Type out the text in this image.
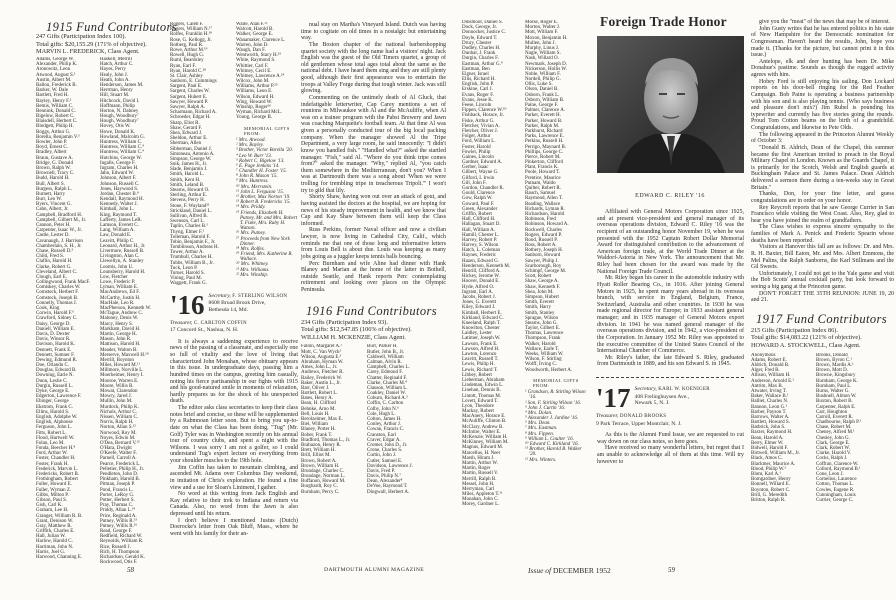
1915 Fund Contributors
247 Gifts (Participation Index 100).
Total gifts: $20,155.29 (171% of objective).
MARVIN L. FREDERICK, Class Agent.
Adams, George W.
Alexander, Philip K.
Aronowitz, Leon
Atwood, August S.¹
Austin, Albert M.
Ballou, Frederick B.
Barker, W. Dale
Bartlett, Fred H.
Bayley, Henry F.²
Bemis, William C.
Bennink, Donald C.
Bigelow, Robert C.
Blaisdell, Herbert C.
Blodgett, Philip H.
Boggs, Arthur G.
Borella, Benjamin V.³
Bowler, John P.
Boyd, Ernest C.
Bradley, Albert
Braun, Gustave A.
Bridge, G. Donald
Brown, Ralph W.
Brownell, Tracy C.
Budd, Harold H.
Bull, Albert S.
Burgess, Ralph L.
Burnett, Harry
Burr, Leo W.
Byers, Vincent G.
Cahn, Albert, Jr.
Campbell, Bradford H.
Campbell, Gilbert M., Jr.
Cannon, Peter H.
Carpenter, Isaac W., Jr.
Castle, Lester D.
Cavanaugh, J. Harrison
Chamberlain, S. H., Jr.
Chase, Russell D.⁵
Child, Fred S.
Claflin, Harold H.
Clarke, Robert G.
Cleveland, Albert C.
Clough, Earl E.
Collingwood, Frank MacF.
Comiskey, Charles W.
Comstock, Herbert F.
Comstock, Joseph B.
Connelly, Thomas J.
Cook, King
Corwin, Harold F.⁶
Crawford, Sidney C.
Daisy, George D.
Daniell, William E.
Davis, D. Dexter
Davis, Winsor R.
Davison, Harold K.
Dennett, Frank E.
Dennett, Sumner F.
Dewing, Edmund R.
Doe, Orlando C.
Douglas, Edward B.
Downing, Earle N.
Dunn, Leslie C.
Durgin, Russell L.
Dyke, George E.
Edgerton, Lawrence F.
Ebinger, George
Ekstrom, Frank C.
Ellms, Harold S.
English, Adolphe W.
English, Alphonse
Ferguson, John L.
Fitts, Robert L.
Flood, Hartwell W.
Folan, Leo M.
Fonda, Beecher H.⁸
Ford, Arthur W.
Foster, Chandler H.
Foster, Frank H.
Frederick, Marvin L.
Fredericks, Robert B.
Frothingham, Robert
Fuller, Howard E.
Fuller, Wyman Z.
Gibbs, Milton P.
Gibson, Paul S.
Gish, Carl K.
Graham, Lee H.
Granger, William R. B.
Grant, Denison W.
Gray, Matthew R.
Griffith, Charles E.
Hall, Julian W.
Harlow, Harold C.
Harriman, John N.
Harris, Joel G.
Harwood, Channing E.
Haskell, Merrill
Hatch, Arthur C.
Hayes, Perry
Healy, John J.
Heath, John A.
Henderson, James M.
Herrman, Henry
Hill, Stuart M.
Hitchcock, David I.
Hoffmann, Philip
Horton, N. Dabney
Hough, Woodbury⁷
Hough, Woodbury⁷
Hovey, Otis W.
Howe, Donald K.
Howland, Malcolm G.
Huntress, William C.
Huntress, William C.⁹
Huntress, William C.⁹
Hutchins, George W.
Ingalls, George F.
Ingram, Charles H.
Jahn, Edward W.
Johnson, Albert F.
Johnson, Russell C.
Jones, Haywood S.
Jordan, Chester B.⁸
Kendall, Raymond H.
Kennedy, Walter J.
Kimball, John L.
King, Raymond T.
Lafferty, James LeR.
Lamson, Everett C.
Lang, William A.
Law, Donald E.
Leavitt, Philip C.
Leonard, Arthur H., Jr.
Livermore, Russell B.
Livingston, Alan C.
Llewellyn, A. Stanley
Loomis, John U.
Lounsberry, Harold H.
Low, Fletcher
Lowe, Frederic P.
Lyman, William E.
MacAndrews, Ed F.
McCarthy, Justin H.
MacHale, Leo R.
MacPherson, Kenneth W.
McTague, Andrew C.
Maloney, Denis W.
Marcy, Henry S.
Markham, David H.
Martin, George H.
Mason, John R.
Mattison, Harold H.
Meader, Walton B.
Merserve, Maxwell H.¹⁰
Merrill, Boynton
Miles, Howard M.¹¹
Millmore, Norville L.
Moerheimer, Henry I.
Monroe, Warren E.
Moore, Willis B.
Mowat, Clarendon
Mowry, Jared J.
Mullin, John M.
Murdock, Philip K.
Nichols, Arthur C.
Nissen, William C.
Norris, Ralph H.
Norton, Allan S.¹²
Norwood, Roy M.
Noyes, Edwin M.
O'Dea, Bernard V.¹³
O'Hara, Dwight
O'Keefe, Walter F.
Parnell, Carroll A.
Pearce, Frederick L.
Pelletier, Philip H., Jr.
Pendleton, John D.
Pinkham, Harold B.
Pitman, Joseph P.
Pond, Francis L.
Porter, LeRoy G.
Potter, Herbert S.
Pray, Thomas C.
Priddy, Allan L.¹⁴
Price, Reginald A.
Putney, Willis R.¹⁵
Putney, Willis R.¹⁶
Read, George F.
Redfield, Richard W.
Reynolds, William R.
Rice, Russell J.
Rich, H. Thompson
Richardson, Gerald K.
Rockwood, Otis F.
Rogers, Caleb F.
Rogers, William N.¹⁷
Rolfes, Franklin H.¹⁸
Rose, G. Kellogg, Jr.
Rotberg, Paul R.
Rowe, Arthur M.¹⁹
Rowell, Hugh G.
Ruml, Beardsley
Ryan, Earl F.
Ryan, Harold C.²⁰
St. Clair, Ashley
Sanborn, E. Cummings
Sargent, Paul E.
Sargent, Charles W.
Sargent, Hubert E.
Sawyer, Howard P.
Sawyer, Ralph A.
Scharmann, Richard A.
Schroeder, Edgar H.
Sharp, Eliot R.
Shaw, Gerard F.
Shea, Edward J.
Sheldon, Arthur E.
Sherman, Allen
Sibberman, Daniel J.
Simoneau, Antonio A.
Simpson, George W.
Snik, James H., Jr.
Slade, Benjamin J.
Smith, Harold L.
Smith, Kent H.
Smith, Leland B.
Stearns, Howard O.
Sterling, Arthur E.
Stevens, Perry H.
Stone, F. Wayland²¹
Strickland, Daniel L.
Sullivan, Alfred B.
Swenson, Carl L.
Taplin, Charles B.²
Thyng, Elmer F.¹
Tolleman, Harold F.
Tobin, Benjamin F., Jr.
Tomblinson, Andreas H.
Tower, Arthur A.
Trumbull, Charles H.
Tubbs, William B., Jr.
Tuck, Leon P.
Turner, Harold S.
Vining, Paul M.
Waggett, Frank G.
Waite, Alan F.²²
Walcott, Harold B.
Walker, George E.
Wanamaker, Clarence L.
Warren, John D.
Waugh, Dan F.
Wentworth, Stacy H.²³
White, Raymond S.
Whittier, Carl F.
Whitney, Cecil E.
Whitney, Lawrence A.²⁴
Wilcox, John M.
Williams, Arthur P.²⁵
Williams, Leon E.
Wilson, Edward H.
Wing, Howard W.
Winship, Roger²⁶
Wyman, Richard McL.
Young, George B.
MEMORIAL GIFTS FROM:
¹ Mrs. Atwood.
² Mrs. Bayley.
³ Brother, Victor Borella '20.
⁴ Leo W. Burr '13.
⁵ Robert C. Bigelow '13.
⁶ E. Page Jenkins '14.
⁷ Chandler H. Foster '15.
⁸ John R. Mason '15.
⁹ Mrs. Huntress.
¹⁰ Mrs. Merrstein.
¹¹ John L. Ferguson '15.
¹² Brother, Max Norton '19.
¹³ Robert B. Fredericks '15.
¹⁴ Mrs. Priddy.
¹⁵ Friends, Elizabeth H. Putney, Mr. and Mrs. Robert T. Fiske, Mrs. Ruby H. Watson.
¹⁶ Mrs. Putney.
¹⁷ Proceeds from New York Dinner.
¹⁸ Mrs. Rolfes.
¹⁹ Friend, Mrs. Katherine R. Wallace.
²⁰ Mrs. Whitney.
²¹ Mrs. Williams.
²² Mrs. Winship.
'16 Secretary, F. STERLING WILSON
8608 Broad Brook Drive,
Bethesda 14, Md.
Treasurer, C. CARLTON COFFIN
17 Concord St., Nashua, N. H.

It is always a saddening experience to receive news of the passing of a classmate, and especially one so full of vitality and the love of living that characterized John Monahan, whose obituary appears in this issue. In undergraduate days, passing him a hundred times on the campus, greeting him casually, noting his fierce partisanship in our fights with 1915 and his good-natured smile in moments of relaxation, hardly prepares us for the shock of his unexpected death.

The editor asks class secretaries to keep their class notes brief and concise, so these will be supplemented by a Rabmnoan letter soon. But to bring you up-to-date on what the Class has been doing, "Tug" (Mr. Golf) Tyler was in Washington recently on his annual tour of country clubs, and spent a night with the Wilsons. I was sorry I am not a golfer, so I could understand Tug's expert lecture on everything from your shoulder muscles to the 19th hole.

Jim Coffin has taken to mountain climbing, and ascended Mt. Adams over Columbus Day weekend, in imitation of Chris's exploration. He found a fine view and a use for Sloan's Liniment, I gather.

No word at this writing from Jack English and Kay relative to their trek to Indiana and return via Canada. Also, no word from the Jawn is also depressed until his return.

I don't believe I mentioned Justus (Dutch) Doerocke's letter from Oak Bluff, Mass., where he went with his family for their an-

nual stay on Martha's Vineyard Island. Dutch was having time to cogitate on old times in a nostalgic but entertaining way.

The Boston chapter of the national barbershopping quartet society with the long name had a visitors' night. Jack English was the guest of the Old Timers quartet, a group of old gentlemen whose total ages total about the same as the national debt. I have heard them sing and they are still plenty good, although their first appearance was to entertain the troops at Valley Forge during that tough winter. Jack was still glowing.

Commenting on the untimely death of Al Gluck, that indefatigable letterwriter, Cap Carey mentions a set of reunions in Milwaukee with Al and the McAuliffe, when Al was on a trainee program with the Pabst Brewery and Jawn was coaching Marquette's football team. At that time Al was given a personally conducted tour of the big local packing company. When the manager showed Al the Tripe Department, a very large room, he said innocently: "I didn't know you handled fish." "Handled what?" asked the startled manager. "Fish," said Al. "Where do you think tripe comes from?" asked the manager. "Why," replied Al, "you catch them somewhere in the Mediterranean, don't you? When I was at Dartmouth there was a song about 'When we were trolling for trembling tripe in treacherous Tripoli.'" I won't try to gild that lily.

Shorty Shaw, having won out over an attack of gout, and having assisted the doctors at the hospital, we are hoping for news of his steady improvement in health, and we know that Cap and Kay Shaw between them will keep the Class informed.

Russ Perkins, former Naval officer and now a civilian lawyer, is now living in Cathedral City, Calif., which reminds me that one of those long and informative letters from Louis Bell is about due. Louis was keeping as many jobs going as a juggler keeps tennis balls bouncing.

Perc Burnham and wife Aline had dinner with Hank Blaney and Marian at the home of the latter in Bothell, outside Seattle, and Hank reports Perc contemplating retirement and looking over places on the Olympic Peninsula.

1916 Fund Contributors
234 Gifts (Participation Index 93).
Total gifts: $12,547.85 (106% of objective).
WILLIAM H. MCKENZIE, Class Agent.
Fallon, Margaret A.¹
Mott, C. Van Wyck²
Wilson, Augusta E.³
Abraham, Hyman W.
Ames, John L., Jr.
Andrews, Fletcher R.
Bailey, Frederick W.
Baker, Austin L., Jr.
Barr, Oliver J.
Bartlett, Robert L.
Bates, Henry A.
Bean, H. Clifford
Behnke, Arno M.
Bell, Louis H.
Berolzeimer, Max E.
Biel, William
Blaney, Porter H.
Bober, Frank T.
Bradford, Thomas L., Jr.
Brabazon, Henry R.
Brett, William H.
Brill, Elliot M.
Brown, Robert A.
Brown, William H.
Brundage, Charles C.
Brundage, Norman L.
Buffanon, Howard M.
Burghardt, Roy C.
Burnham, Percy C.
Burr, Parker H.
Butler, John B., Jr.
Caldwell, William
Calman, Alvin R.
Campbell, Charles L.
Carey, Edmond F.
Chatter, Reginald F.
Clarke, Charles M.⁴
Clauson, William L.
Coakley, Daniel W.
Coburn, Richard A.⁵
Coffin, C. Carlton
Colby, John N.⁶
Cole, Hugh L.
Colton, James H.
Conley, Arthur J.
Cowan, Francis C.
Cranston, Earl
Craver, Edgar A.
Cromer, John D., Jr.
Crone, Charles S.
Curtin, John J.
Cutler, Samuel E.
Davidson, Lawrence J.
Davis, Fred P.
Davis, Philip N.⁷
Dean, Alexander⁸
DeVoe, Raymond T.
Dingwall, Herbert A.
Dinsmoor, Daniel S.
Dock, George, Jr.
Donnocker, Justice C.
Doyle, Edward T.
Drury, Chester
Dudley, Charles H.
Dunbar, J. Frank
Durgin, Charles F.
Eastman, Arthur G.⁹
Eastman, Ben
Eigner, Israel
Ellis, Richard H.
English, John P.
Erskine, Carl J.
Evans, Roger F.
Evans, Jesse K.
Feese, Lincoln
Fippen, Clarence W.¹⁰
Fishback, Horace, Jr.
Fiske, Arthur G.
Fletcher, Vivian A.
Fletcher, Oliver J.
Folger, Arthur
Ford, William L.
Foster, Harold
Fowler, Philip
Gaines, Lincoln
Gardner, Edward A.
Gerber, Isaac
Gilbert, Wayne G.
Gilford, I. Irwin
Gill, John F.
Gordon, Chandler R.
Gould, Clarence
Gow, Ralph W.
Goward, Paul F.
Green, Alexander
Griffin, Robert
Hall, Clifford H.
Hallagan, Stuart D.
Hall, William A.
Hamill, Chester L.
Harvey, Robert P.
Harvey, S. Wilson
Hatch, L. Coleman
Haynes, Frederic
Hazen, Edward G.
Henderson, Kenneth M.
Henrill, Clifford A.
Hickey, Jerome W.
Hoover, Donald E.
Hyde, Alfred O.
Ingram, Earl A.
Jacobs, Robert J.
Jones, G. Everett
Kiley, Edward J.
Kimball, Herbert E.
Kirkland, Edward C.
Kneeland, Ralph T.
Knowlton, Chester
Laidley, Lester
Latimer, Joseph W.
Lawson, Frank E.
Lawson, Alfred H.
Lawton, Lorenzo
Leavitt, Russell T.
Lewis, Philip H.
Lewis, Richard T.
Libbey, Robert
Lieberman, Abraham
Lindeman, Edwin L.
Linehan, Dennis B.
Lintott, Thomas M.
Lovett, Edward T.
Lyon, Theodore
Mackay, Robert
MacAnery, Horace E.
McAuliffe, Clinton B.
McClary, Andrew B.
McIntire, Walter E.
McKenzie, William H.
McKinney, William M.
Magnus, Edward M.
Marcellus, H. Neer
Marsh, Hiram J.
Martin, Arthur W.
Martin, Roger
Martin, Russell V.
Merrill, Ralph B.
Messel, John H.
Merryman, Carl
Miles, Appleton T.¹¹
Monahan, John C.
Morey, Gardner L.
Morse, Roger E.
Morton, Walter J.
Mott, William F.
Moxon, Benjamin H.
Mullen, John J.
Murphy, Linus J.
Nagle, William S.
Nash, Willard O.
Newmark, Joseph D.
Nickerson, Hollis W.
Noble, William F.
Nordell, Philip G.
Ollis, Luke S.
Olson, Daniel B.
Osborn, Frank L.
Osborn, William B.
Paine, George F.
Palmer, Clarence A.
Parker, Everett H.
Parker, Howard B.
Parker, Ralph M.
Parkhurst, Richard
Parks, Lawrence E.
Perkins, Russell H.
Perrigo, Maynard B.
Phillips, George C.
Pierce, Robert M.
Pinkerton, Clifford
Plant, Francis K.
Poole, Howard T.
Prentice, Maurice
Putnam, Waldo
Quilter, Robert R.
Rauch, Samuel
Raymond, Allen T.
Reading, Wallace
Richards, Lyman R.
Richardson, Harold
Robinson, Fred
Robinson, Howard A.
Rockwell, Charles
Rogers, Edward P.
Rood, Russell P.
Ross, Robert A.
Rothery, Joseph H.
Sanborn, Howard
Sawyer, Philip J.
Scarborough, Roy
Schimpf, George M.
Scott, Robert
Shaw, George A.
Shaw, Kenneth F.
Shea, John M.
Simpson, Hubert
Smith, Everett
Smith, Harry
Smith, Stanley
Sprague, Wilson
Stearns, John G.
Taylor, Gilbert E.
Thomas, Lawrence
Thompson, Frank
Walker, Harold
Wallace, Earle T.
Weeks, William W.
Wilson, F. Stirling
Wolff, Irving C.
Woodworth, Herbert A.
MEMORIAL GIFTS FROM:
¹ Grandson, R. Stirling Wilson '16.
² Son, F. Stirling Wilson '16.
³ John J. Curtin '16.
⁴ Mrs. Dolan.
⁵ Alexander J. Jardine '16.
⁶ Mrs. Dean.
⁷ Mrs. Eastman.
⁸ Mrs. Fippen.
⁹ William L. Coulter '16.
¹⁰ Edward C. Kirkland '16.
¹¹ Brother, Harold B. Walker '20.
¹² Mrs. Winters.
Foreign Trade Honor
EDWARD C. RILEY '16

Affiliated with General Motors Corporation since 1925, and at present vice-president and general manager of its overseas operations division, Edward C. Riley '16 was the recipient of an outstanding honor November 19, when he was presented with the 1952 Captain Robert Dollar Memorial Award for distinguished contribution to the advancement of American foreign trade, at the World Trade Dinner at the Waldorf-Astoria in New York. The announcement that Mr. Riley had been chosen for the award was made by the National Foreign Trade Council.

Mr. Riley began his career in the automobile industry with Hyatt Roller Bearing Co., in 1916. After joining General Motors in 1925, he spent many years abroad in its overseas branch, with service in England, Belgium, France, Switzerland, Australia and other countries. In 1930 he was made regional director for Europe; in 1933 assistant general manager; and in 1935 manager of General Motors export division. In 1941 he was named general manager of the overseas operations division, and in 1942, a vice-president of the Corporation. In January 1952 Mr. Riley was appointed to the executive committee of the United States Council of the International Chamber of Commerce.

Mr. Riley's father, the late Edward S. Riley, graduated from Dartmouth in 1889, and his son Edward S. in 1945.

'17 Secretary, KARL W. KOENIGER
408 Frelinghuysen Ave.,
Newark 5, N. J.
Treasurer, DONALD BROOKS
9 Park Terrace, Upper Montclair, N. J.

As this is the Alumni Fund Issue, we are requested to cut way down on our class notes, so here goes.

Have received so many wonderful letters, but regret that I am unable to acknowledge all of them at this time. Will try however to

give you the "meat" of the news that may be of interest.

John Gusty writes that he has entered politics in his state of New Hampshire for the Democratic nomination for Congressman. Haven't heard the results, John, hope you made it. (Thanks for the picture, but cannot print it in this issue.)

Antelope, elk and deer hunting has been Dr. Mike Donahue's pastime. Sounds as though the rugged activity agrees with him.

Hobey Ford is still enjoying his sailing. Don Lockard reports on his door-bell ringing for the Red Feather Campaign. Bob Paine is operating a business partnership with his son and is also playing tennis. (Who says business and pleasure don't mix?) Jim Rubel is pounding his typewriter and currently has five stories going the rounds. Proud Tom Cotton beams on the birth of a grandchild. Congratulations, and likewise to Pete Olds.

The following appeared in the Princeton Alumni Weekly of October 3:

"Donald B. Aldrich, Dean of the Chapel, this summer became the first American invited to preach in the Royal Military Chapel in London. Known as the Guards Chapel, it is primarily for the Scotch, Welsh and English guards at Buckingham Palace and St. James Palace. Dean Aldrich delivered a sermon there during a ten-weeks stay in Great Britain."

Thanks, Don, for your fine letter, and guess congratulations are in order on your honor.

Rey Reycroft reports that he saw George Currier in San Francisco while visiting the West Coast. Also, Rey, glad to hear you have joined the realm of grandfathers.

The Class wishes to express sincere sympathy to the families of Mark A. Penick and Frederic Spearin whose deaths have been reported.

Visitors at Hanover this fall are as follows: Dr. and Mrs. R. H. Baxter, Bill Eaton, Mr. and Mrs. Albert Emmons, the Mel Palins, the Ralph Sanborns, the Karl Stillmans and the Gil Sweets.

Unfortunately, I could not get to the Yale game and visit the Bob Scotts' annual cocktail party, but look forward to seeing a big gang at the Princeton game.

DON'T FORGET THE 35TH REUNION: JUNE 19, 20 and 21.

1917 Fund Contributors
215 Gifts (Participation Index 86).
Total gifts: $14,083.22 (121% of objective).
HOWARD A. STOCKWELL, Class Agent.
Anonymous
Adams, Robert E.
Aldrich, Donald B.
Alger, Fred B.
Allison, William H.
Anderson, Arnold E.¹
Antrim, Max B.
Atwater, Irving T.
Baker, Wallace B.¹
Balliet, Charles N.
Bannon, Leon G.¹
Barber, Payson T.
Barrows, Walter A.
Bartlett, Howard S.
Batbrick, John S.
Baxter, Raymond H.
Bean, Harold A.
Berry, Elmer W.
Bidwell, Harold F.
Birtwell, William M., Jr.
Black, Amos C.
Blackmer, Maurice A.
Blood, Philip W.²
Blum, Karl A.¹
Bomgardner, Henry
Bonnell, Willard E.
Boynton, Robert C.
Brill, G. Meredith
Britton, Ralph R.
Brooks, Donald
Brown, Byron C.¹
Brown, Mardis A.¹
Brown, Mott D.
Browne, Kingsbury
Burnham, George K.
Burnham, Paul L.
Burns, Walter G.
Bushnell, Almon W.
Buxton, Robert B.
Carpenter, Ralph E.
Carr, Houghton
Carroll, Everett R.
Chadbourne, Ralph P.¹
Chase, Robert M.
Cheney, Alfred M.¹
Chesley, John G.
Clark, George E.
Clark, Robert W.
Clarke, Harold V.
Cocks, Ralph J.
Coffran, Clarence W.
Collord, Raymond B.¹
Cone, Leon J.
Cornelius, Laurence
Cotton, Thomas L.
Cowles, Eugene R.
Cunningham, Louis
Currier, George C.
58	DARTMOUTH ALUMNI MAGAZINE	Issue of DECEMBER 1952	59
